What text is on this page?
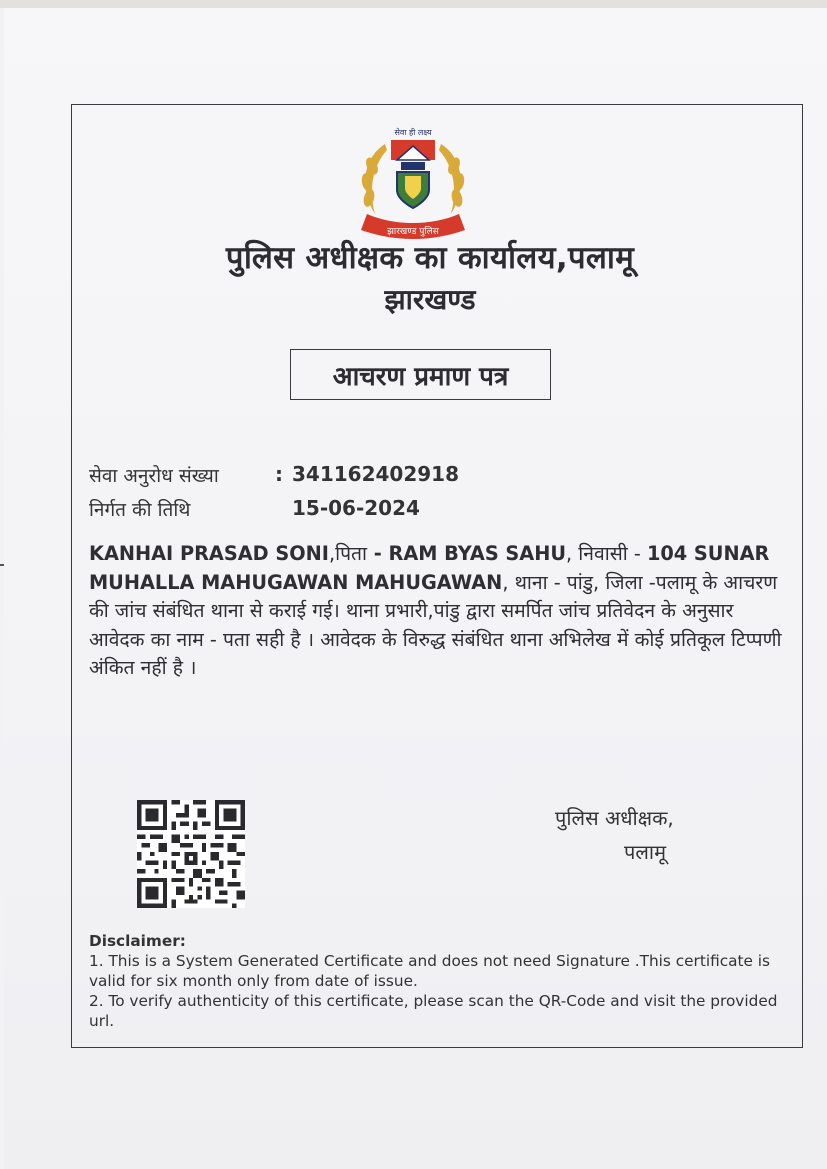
झारखण्ड पुलिस
सेवा ही लक्ष्य
पुलिस अधीक्षक का कार्यालय,पलामू
झारखण्ड
आचरण प्रमाण पत्र
सेवा अनुरोध संख्या	: 341162402918
निर्गत की तिथि	15-06-2024
KANHAI PRASAD SONI,पिता - RAM BYAS SAHU, निवासी - 104 SUNAR MUHALLA MAHUGAWAN MAHUGAWAN, थाना - पांडु, जिला -पलामू के आचरण की जांच संबंधित थाना से कराई गई। थाना प्रभारी,पांडु द्वारा समर्पित जांच प्रतिवेदन के अनुसार आवेदक का नाम - पता सही है । आवेदक के विरुद्ध संबंधित थाना अभिलेख में कोई प्रतिकूल टिप्पणी अंकित नहीं है ।
पुलिस अधीक्षक,
पलामू
Disclaimer:
1. This is a System Generated Certificate and does not need Signature .This certificate is valid for six month only from date of issue.
2. To verify authenticity of this certificate, please scan the QR-Code and visit the provided url.
